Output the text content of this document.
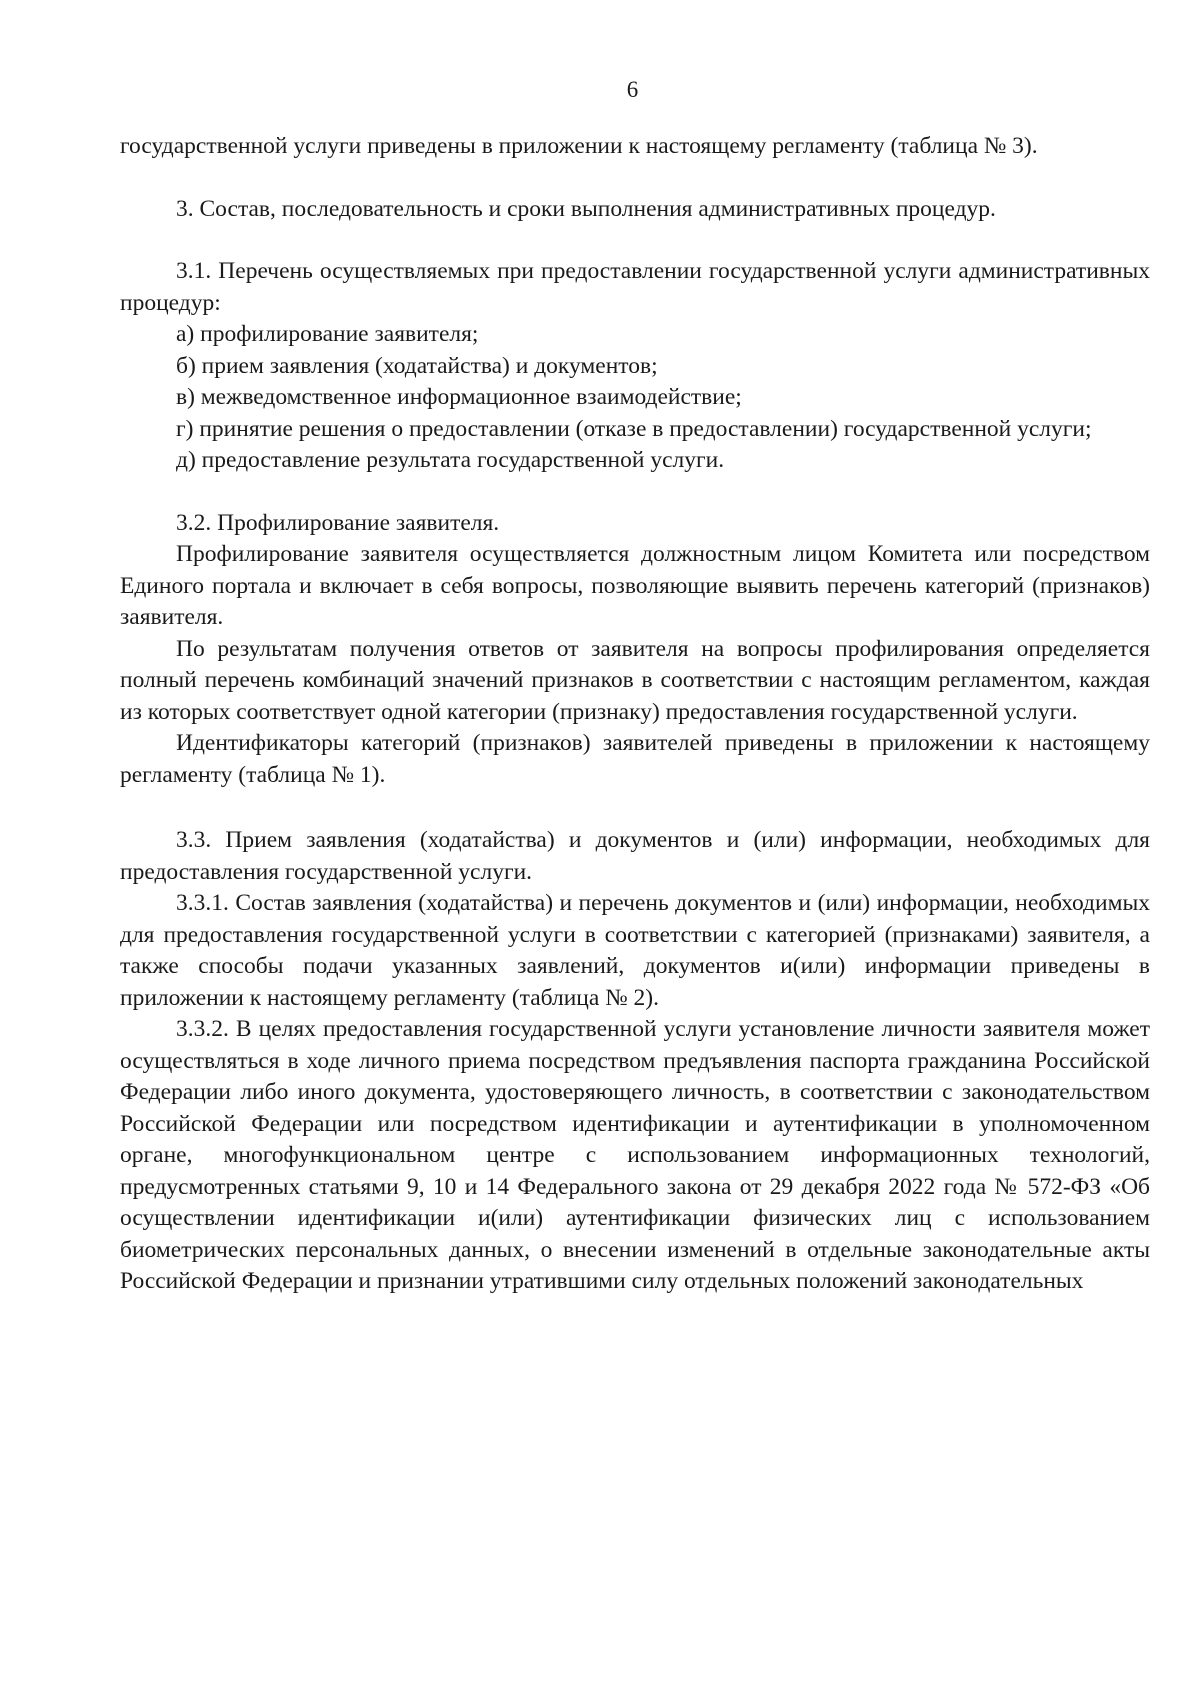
6

государственной услуги приведены в приложении к настоящему регламенту (таблица № 3).

3. Состав, последовательность и сроки выполнения административных процедур.

3.1. Перечень осуществляемых при предоставлении государственной услуги административных процедур:

а) профилирование заявителя;

б) прием заявления (ходатайства) и документов;

в) межведомственное информационное взаимодействие;

г) принятие решения о предоставлении (отказе в предоставлении) государственной услуги;

д) предоставление результата государственной услуги.

3.2. Профилирование заявителя.

Профилирование заявителя осуществляется должностным лицом Комитета или посредством Единого портала и включает в себя вопросы, позволяющие выявить перечень категорий (признаков) заявителя.

По результатам получения ответов от заявителя на вопросы профилирования определяется полный перечень комбинаций значений признаков в соответствии с настоящим регламентом, каждая из которых соответствует одной категории (признаку) предоставления государственной услуги.

Идентификаторы категорий (признаков) заявителей приведены в приложении к настоящему регламенту (таблица № 1).

3.3. Прием заявления (ходатайства) и документов и (или) информации, необходимых для предоставления государственной услуги.

3.3.1. Состав заявления (ходатайства) и перечень документов и (или) информации, необходимых для предоставления государственной услуги в соответствии с категорией (признаками) заявителя, а также способы подачи указанных заявлений, документов и(или) информации приведены в приложении к настоящему регламенту (таблица № 2).

3.3.2. В целях предоставления государственной услуги установление личности заявителя может осуществляться в ходе личного приема посредством предъявления паспорта гражданина Российской Федерации либо иного документа, удостоверяющего личность, в соответствии с законодательством Российской Федерации или посредством идентификации и аутентификации в уполномоченном органе, многофункциональном центре с использованием информационных технологий, предусмотренных статьями 9, 10 и 14 Федерального закона от 29 декабря 2022 года № 572-ФЗ «Об осуществлении идентификации и(или) аутентификации физических лиц с использованием биометрических персональных данных, о внесении изменений в отдельные законодательные акты Российской Федерации и признании утратившими силу отдельных положений законодательных
